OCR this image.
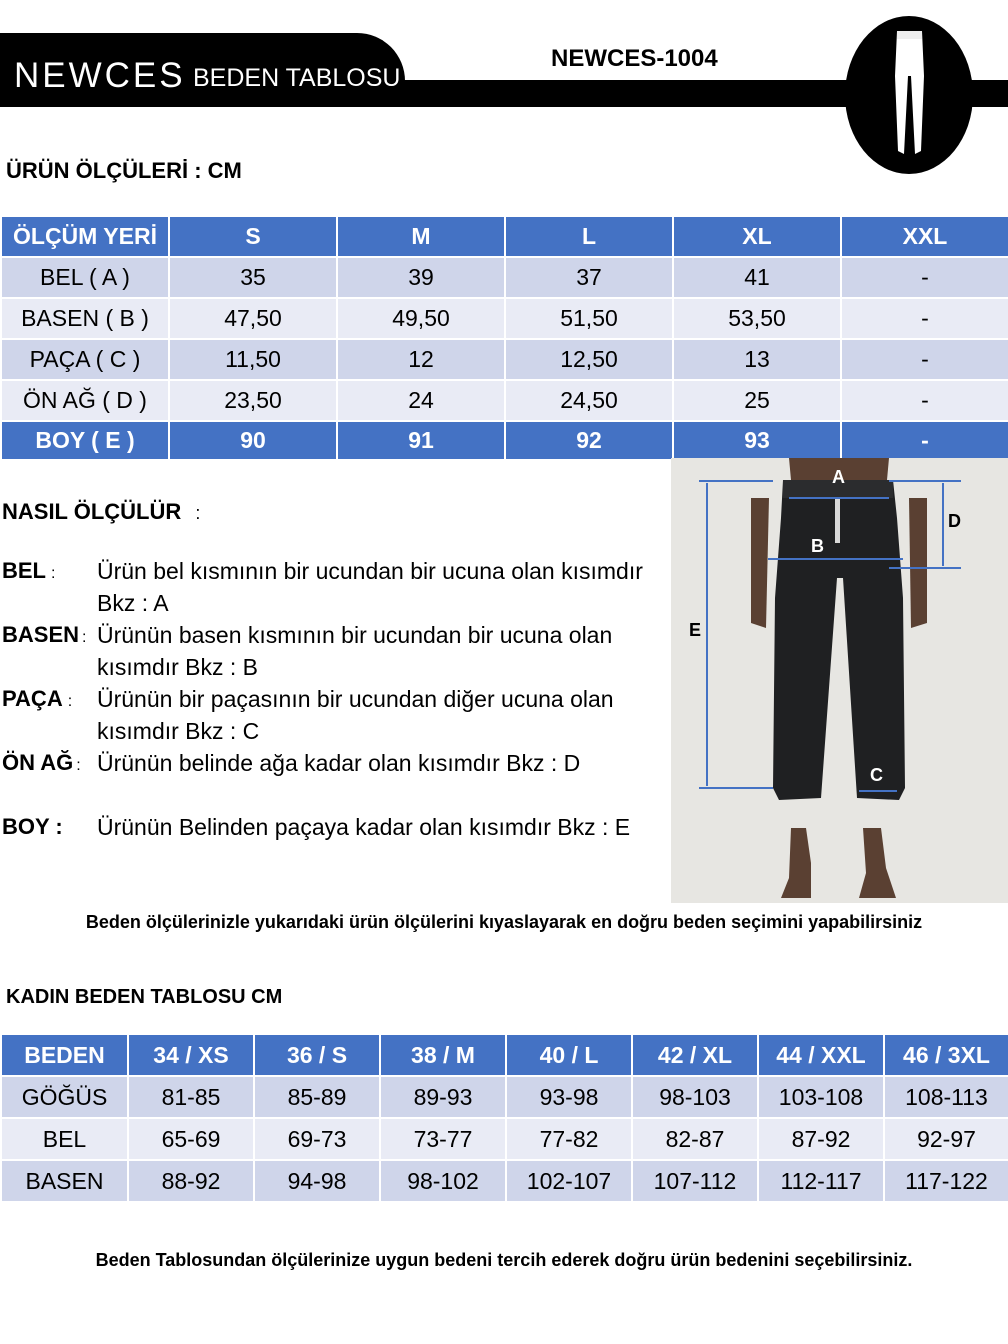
NEWCES BEDEN TABLOSU
NEWCES-1004
ÜRÜN ÖLÇÜLERİ : CM
ÖLÇÜM YERİ	S	M	L	XL	XXL
BEL ( A )	35	39	37	41	-
BASEN ( B )	47,50	49,50	51,50	53,50	-
PAÇA ( C )	11,50	12	12,50	13	-
ÖN AĞ ( D )	23,50	24	24,50	25	-
BOY ( E )	90	91	92	93	-
NASIL ÖLÇÜLÜR :
BEL : Ürün bel kısmının bir ucundan bir ucuna olan kısımdır Bkz : A
BASEN : Ürünün basen kısmının bir ucundan bir ucuna olan kısımdır Bkz : B
PAÇA : Ürünün bir paçasının bir ucundan diğer ucuna olan kısımdır Bkz : C
ÖN AĞ : Ürünün belinde ağa kadar olan kısımdır Bkz : D
BOY : Ürünün Belinden paçaya kadar olan kısımdır Bkz : E
A
B
C
D
E
Beden ölçülerinizle yukarıdaki ürün ölçülerini kıyaslayarak en doğru beden seçimini yapabilirsiniz
KADIN BEDEN TABLOSU CM
BEDEN	34 / XS	36 / S	38 / M	40 / L	42 / XL	44 / XXL	46 / 3XL
GÖĞÜS	81-85	85-89	89-93	93-98	98-103	103-108	108-113
BEL	65-69	69-73	73-77	77-82	82-87	87-92	92-97
BASEN	88-92	94-98	98-102	102-107	107-112	112-117	117-122
Beden Tablosundan ölçülerinize uygun bedeni tercih ederek doğru ürün bedenini seçebilirsiniz.
